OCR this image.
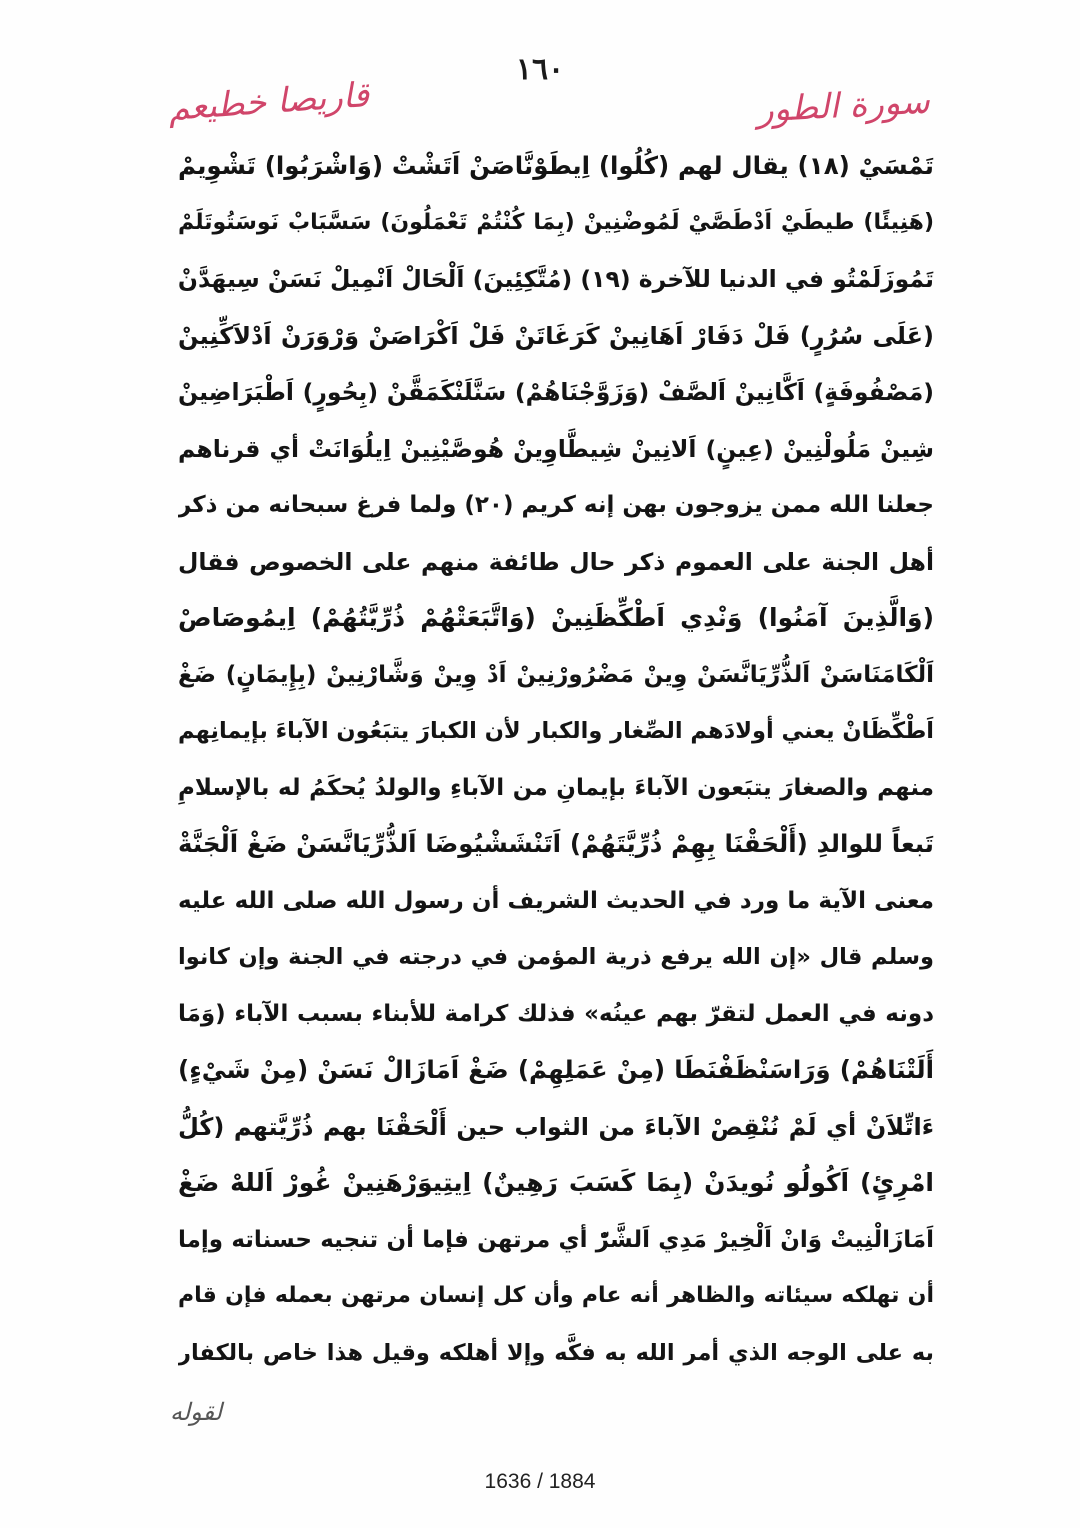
١٦٠
قاريصا خطيعم	سورة الطور
تَمْسَيْ (١٨) يقال لهم (كُلُوا) اِيطَوْنَّاصَنْ اَتَشْتْ (وَاشْرَبُوا) تَشْوِيمْ
(هَنِيئًا) طيطَيْ اَدْطَصَّيْ لَمُوضْنِينْ (بِمَا كُنْتُمْ تَعْمَلُونَ) سَسَّبَابْ نَوسَتُوتَلَمْ
تَمُوزَلَمْتُو في الدنيا للآخرة (١٩) (مُتَّكِئِينَ) اَلْحَالْ اَنْمِيلْ نَسَنْ سِيهَدَّنْ
(عَلَى سُرُرٍ) فَلْ دَفَارْ اَهَانِينْ كَرَغَاتَنْ فَلْ اَكْرَاصَنْ وَرْوَرَنْ اَدْلاَكِّنِينْ
(مَصْفُوفَةٍ) اَكَّانِينْ اَلصَّفْ (وَزَوَّجْنَاهُمْ) سَنَّلَنْكَمَقَّنْ (بِحُورٍ) اَطْبَرَاضِينْ
شِينْ مَلُولْنِينْ (عِينٍ) اَلانِينْ شِيطَّاوِينْ هُوصَّيْنِينْ اِيلُوَانَتْ أي قرناهم
جعلنا الله ممن يزوجون بهن إنه كريم (٢٠) ولما فرغ سبحانه من ذكر
أهل الجنة على العموم ذكر حال طائفة منهم على الخصوص فقال
(وَالَّذِينَ آمَنُوا) وَنْدِي اَطْكِّظَنِينْ (وَاتَّبَعَتْهُمْ ذُرِّيَّتُهُمْ) اِيمُوصَاصْ
اَلْكَامَنَاسَنْ اَلذُّرِّيَانَّسَنْ وِينْ مَضْرُورْنِينْ اَدْ وِينْ وَشَّارْنِينْ (بِإِيمَانٍ) ضَغْ
اَطْكِّظَانْ يعني أولادَهم الصِّغار والكبار لأن الكبارَ يتبَعُون الآباءَ بإيمانِهم
منهم والصغارَ يتبَعون الآباءَ بإيمانِ من الآباءِ والولدُ يُحكَمُ له بالإسلامِ
تَبعاً للوالدِ (أَلْحَقْنَا بِهِمْ ذُرِّيَّتَهُمْ) اَتَنْشَشْيُوضَا اَلذُّرِّيَانَّسَنْ ضَغْ اَلْجَنَّةْ
معنى الآية ما ورد في الحديث الشريف أن رسول الله صلى الله عليه
وسلم قال «إن الله يرفع ذرية المؤمن في درجته في الجنة وإن كانوا
دونه في العمل لتقرّ بهم عينُه» فذلك كرامة للأبناء بسبب الآباء (وَمَا
أَلَتْنَاهُمْ) وَرَاسَنْظَفْنَطَا (مِنْ عَمَلِهِمْ) ضَغْ اَمَازَالْ نَسَنْ (مِنْ شَيْءٍ)
ءَاتِّلاَنْ أي لَمْ نُنْقِصْ الآباءَ من الثواب حين أَلْحَقْنَا بهم ذُرِّيَّتهم (كُلُّ
امْرِئٍ) اَكُولُو نُويدَنْ (بِمَا كَسَبَ رَهِينٌ) اِيتِيوَرْهَنِينْ غُورْ اَللهْ ضَغْ
اَمَازَالْنِيتْ وَانْ اَلْخِيرْ مَدِي اَلشَّرّْ أي مرتهن فإما أن تنجيه حسناته وإما
أن تهلكه سيئاته والظاهر أنه عام وأن كل إنسان مرتهن بعمله فإن قام
به على الوجه الذي أمر الله به فكَّه وإلا أهلكه وقيل هذا خاص بالكفار
لقوله
1636 / 1884
